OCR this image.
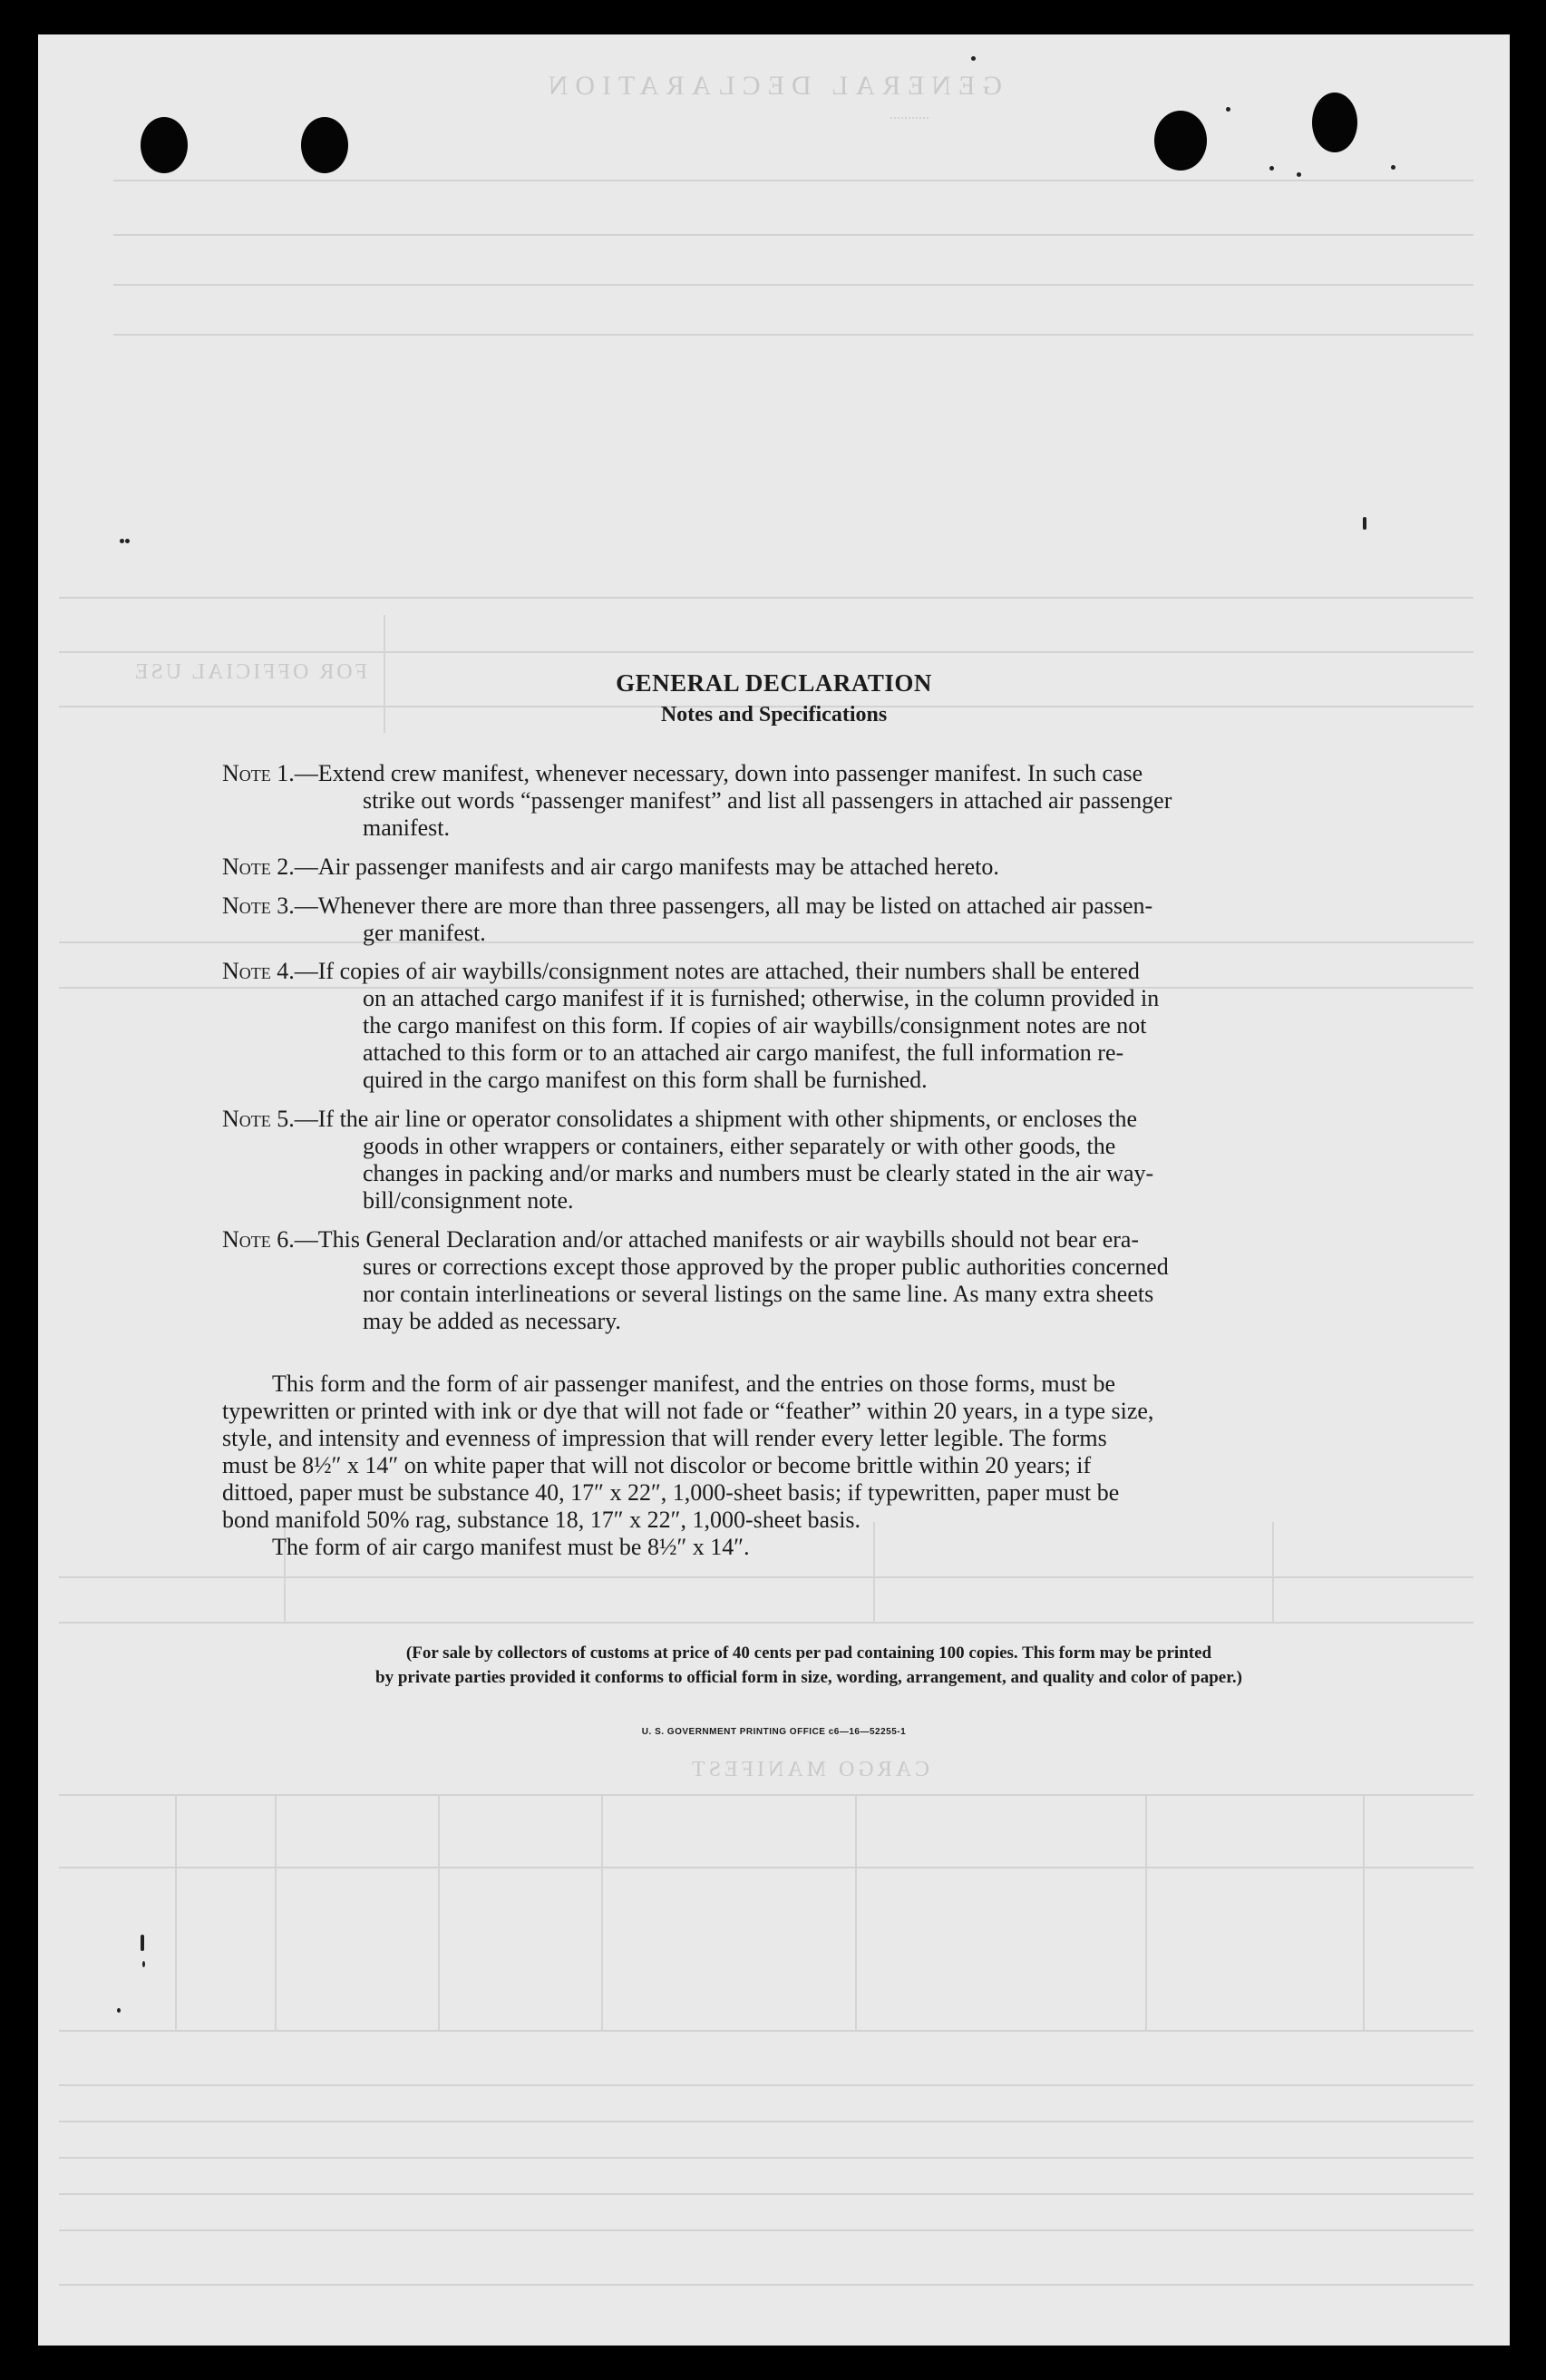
GENERAL DECLARATION
...........
FOR OFFICIAL USE
CARGO MANIFEST
GENERAL DECLARATION
Notes and Specifications
Note 1.—Extend crew manifest, whenever necessary, down into passenger manifest. In such case
strike out words “passenger manifest” and list all passengers in attached air passenger
manifest.
Note 2.—Air passenger manifests and air cargo manifests may be attached hereto.
Note 3.—Whenever there are more than three passengers, all may be listed on attached air passen-
ger manifest.
Note 4.—If copies of air waybills/consignment notes are attached, their numbers shall be entered
on an attached cargo manifest if it is furnished; otherwise, in the column provided in
the cargo manifest on this form. If copies of air waybills/consignment notes are not
attached to this form or to an attached air cargo manifest, the full information re-
quired in the cargo manifest on this form shall be furnished.
Note 5.—If the air line or operator consolidates a shipment with other shipments, or encloses the
goods in other wrappers or containers, either separately or with other goods, the
changes in packing and/or marks and numbers must be clearly stated in the air way-
bill/consignment note.
Note 6.—This General Declaration and/or attached manifests or air waybills should not bear era-
sures or corrections except those approved by the proper public authorities concerned
nor contain interlineations or several listings on the same line. As many extra sheets
may be added as necessary.
This form and the form of air passenger manifest, and the entries on those forms, must be
typewritten or printed with ink or dye that will not fade or “feather” within 20 years, in a type size,
style, and intensity and evenness of impression that will render every letter legible. The forms
must be 8½″ x 14″ on white paper that will not discolor or become brittle within 20 years; if
dittoed, paper must be substance 40, 17″ x 22″, 1,000-sheet basis; if typewritten, paper must be
bond manifold 50% rag, substance 18, 17″ x 22″, 1,000-sheet basis.
The form of air cargo manifest must be 8½″ x 14″.
(For sale by collectors of customs at price of 40 cents per pad containing 100 copies. This form may be printed
by private parties provided it conforms to official form in size, wording, arrangement, and quality and color of paper.)
U. S. GOVERNMENT PRINTING OFFICE c6—16—52255-1
